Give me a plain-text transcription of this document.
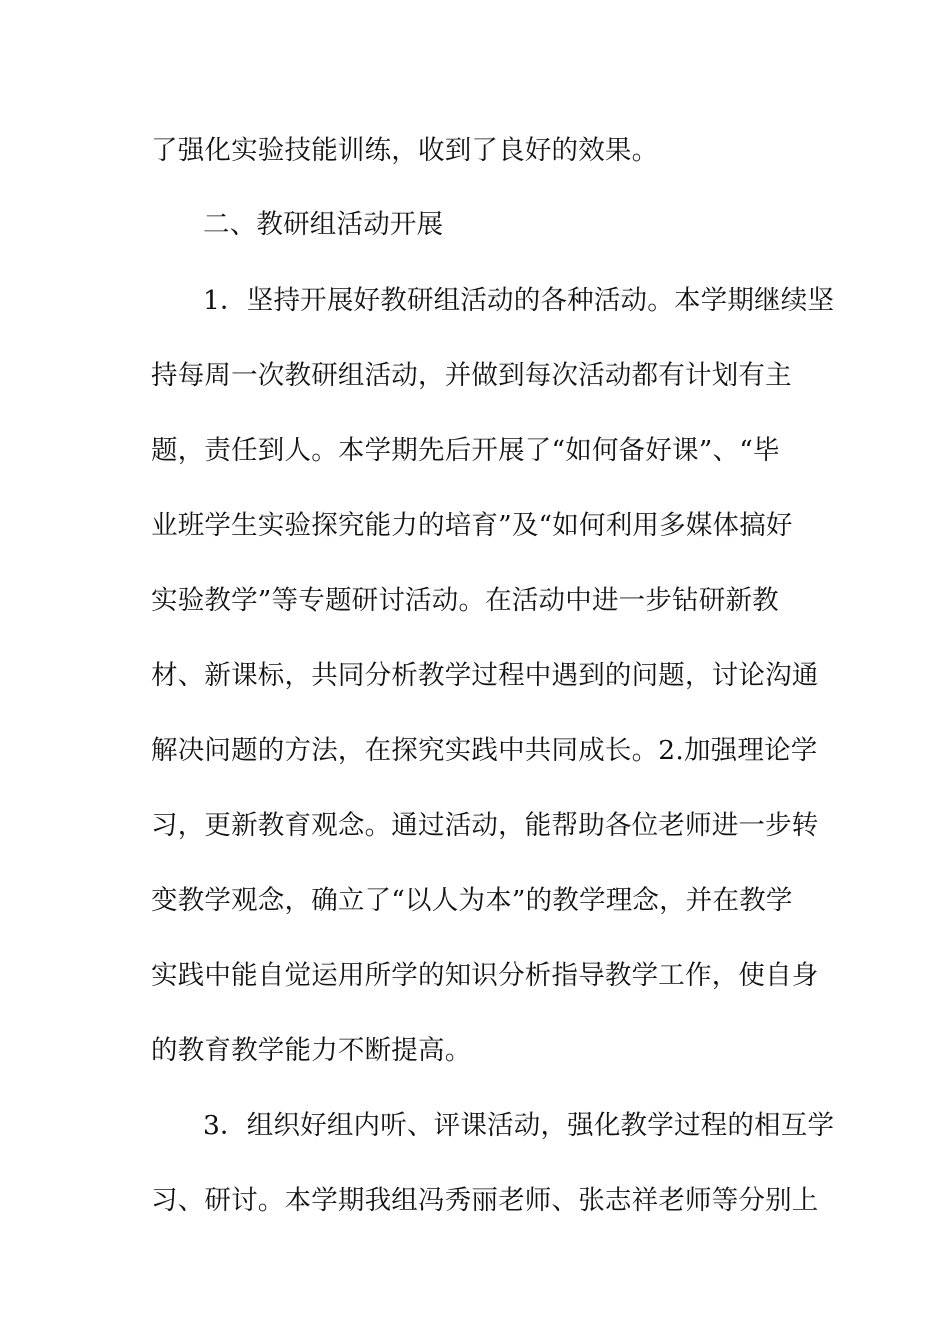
了强化实验技能训练，收到了良好的效果。
二、教研组活动开展
1．坚持开展好教研组活动的各种活动。本学期继续坚
持每周一次教研组活动，并做到每次活动都有计划有主
题，责任到人。本学期先后开展了“如何备好课”、“毕
业班学生实验探究能力的培育”及“如何利用多媒体搞好
实验教学”等专题研讨活动。在活动中进一步钻研新教
材、新课标，共同分析教学过程中遇到的问题，讨论沟通
解决问题的方法，在探究实践中共同成长。2.加强理论学
习，更新教育观念。通过活动，能帮助各位老师进一步转
变教学观念，确立了“以人为本”的教学理念，并在教学
实践中能自觉运用所学的知识分析指导教学工作，使自身
的教育教学能力不断提高。
3．组织好组内听、评课活动，强化教学过程的相互学
习、研讨。本学期我组冯秀丽老师、张志祥老师等分别上
